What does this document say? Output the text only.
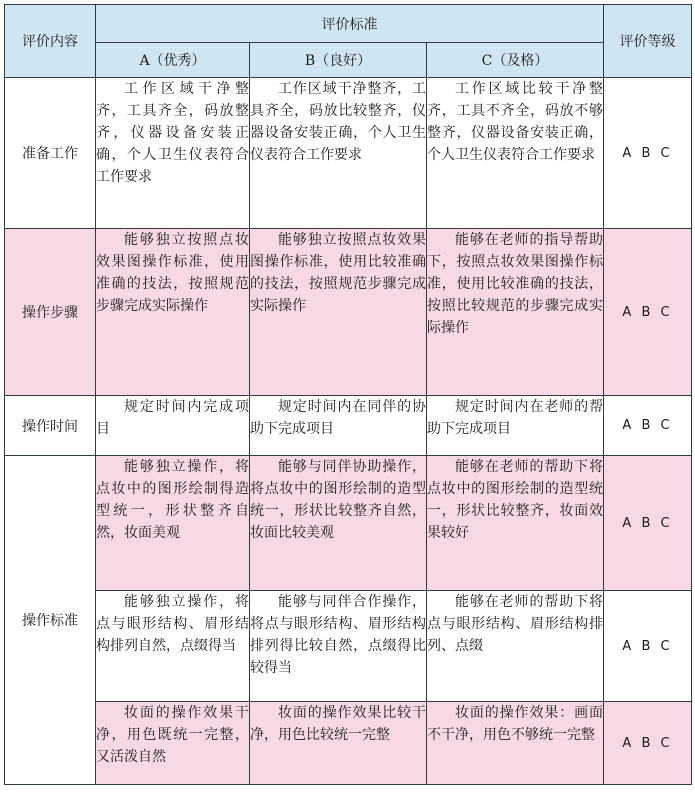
评价内容	评价标准			评价等级
	A（优秀）	B（良好）	C（及格）	
准备工作	工作区域干净整齐，工具齐全，码放整齐，仪器设备安装正确，个人卫生仪表符合工作要求	工作区域干净整齐，工具齐全，码放比较整齐，仪器设备安装正确，个人卫生仪表符合工作要求	工作区域比较干净整齐，工具不齐全，码放不够整齐，仪器设备安装正确，个人卫生仪表符合工作要求	A B C
操作步骤	能够独立按照点妆效果图操作标准，使用准确的技法，按照规范步骤完成实际操作	能够独立按照点妆效果图操作标准，使用比较准确的技法，按照规范步骤完成实际操作	能够在老师的指导帮助下，按照点妆效果图操作标准，使用比较准确的技法，按照比较规范的步骤完成实际操作	A B C
操作时间	规定时间内完成项目	规定时间内在同伴的协助下完成项目	规定时间内在老师的帮助下完成项目	A B C
操作标准	能够独立操作，将点妆中的图形绘制得造型统一，形状整齐自然，妆面美观	能够与同伴协助操作，将点妆中的图形绘制的造型统一，形状比较整齐自然，妆面比较美观	能够在老师的帮助下将点妆中的图形绘制的造型统一，形状比较整齐，妆面效果较好	A B C

	能够独立操作，将点与眼形结构、眉形结构排列自然，点缀得当	能够与同伴合作操作，将点与眼形结构、眉形结构排列得比较自然，点缀得比较得当	能够在老师的帮助下将点与眼形结构、眉形结构排列、点缀	A B C

	妆面的操作效果干净，用色既统一完整，又活泼自然	妆面的操作效果比较干净，用色比较统一完整	妆面的操作效果：画面不干净，用色不够统一完整	A B C
